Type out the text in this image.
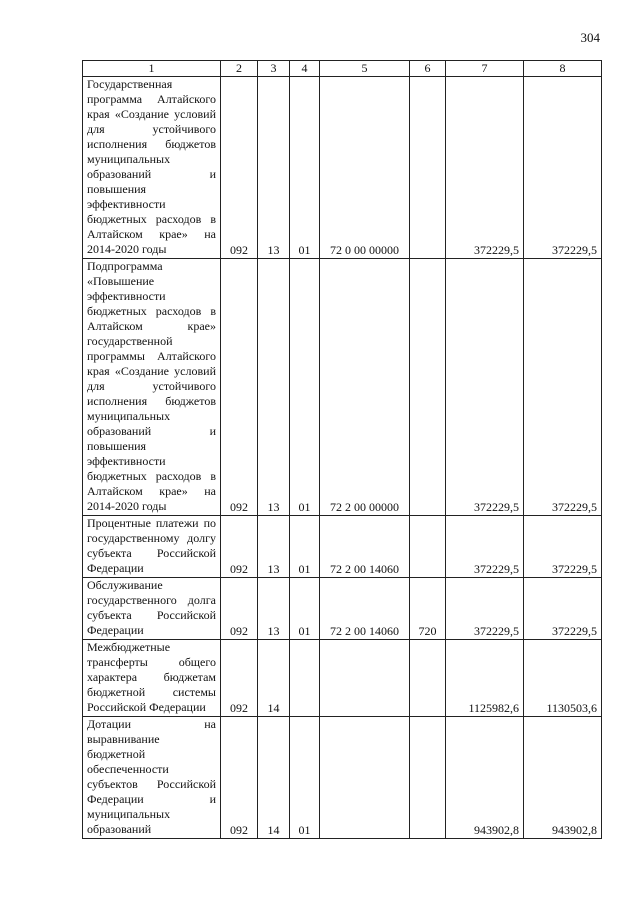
304
1	2	3	4	5	6	7	8
Государственная программа Алтайского края «Создание условий для устойчивого исполнения бюджетов муниципальных образований и повышения эффективности бюджетных расходов в Алтайском крае» на 2014-2020 годы	092	13	01	72 0 00 00000		372229,5	372229,5
Подпрограмма «Повышение эффективности бюджетных расходов в Алтайском крае» государственной программы Алтайского края «Создание условий для устойчивого исполнения бюджетов муниципальных образований и повышения эффективности бюджетных расходов в Алтайском крае» на 2014-2020 годы	092	13	01	72 2 00 00000		372229,5	372229,5
Процентные платежи по государственному долгу субъекта Российской Федерации	092	13	01	72 2 00 14060		372229,5	372229,5
Обслуживание государственного долга субъекта Российской Федерации	092	13	01	72 2 00 14060	720	372229,5	372229,5
Межбюджетные трансферты общего характера бюджетам бюджетной системы Российской Федерации	092	14				1125982,6	1130503,6
Дотации на выравнивание бюджетной обеспеченности субъектов Российской Федерации и муниципальных образований	092	14	01			943902,8	943902,8
